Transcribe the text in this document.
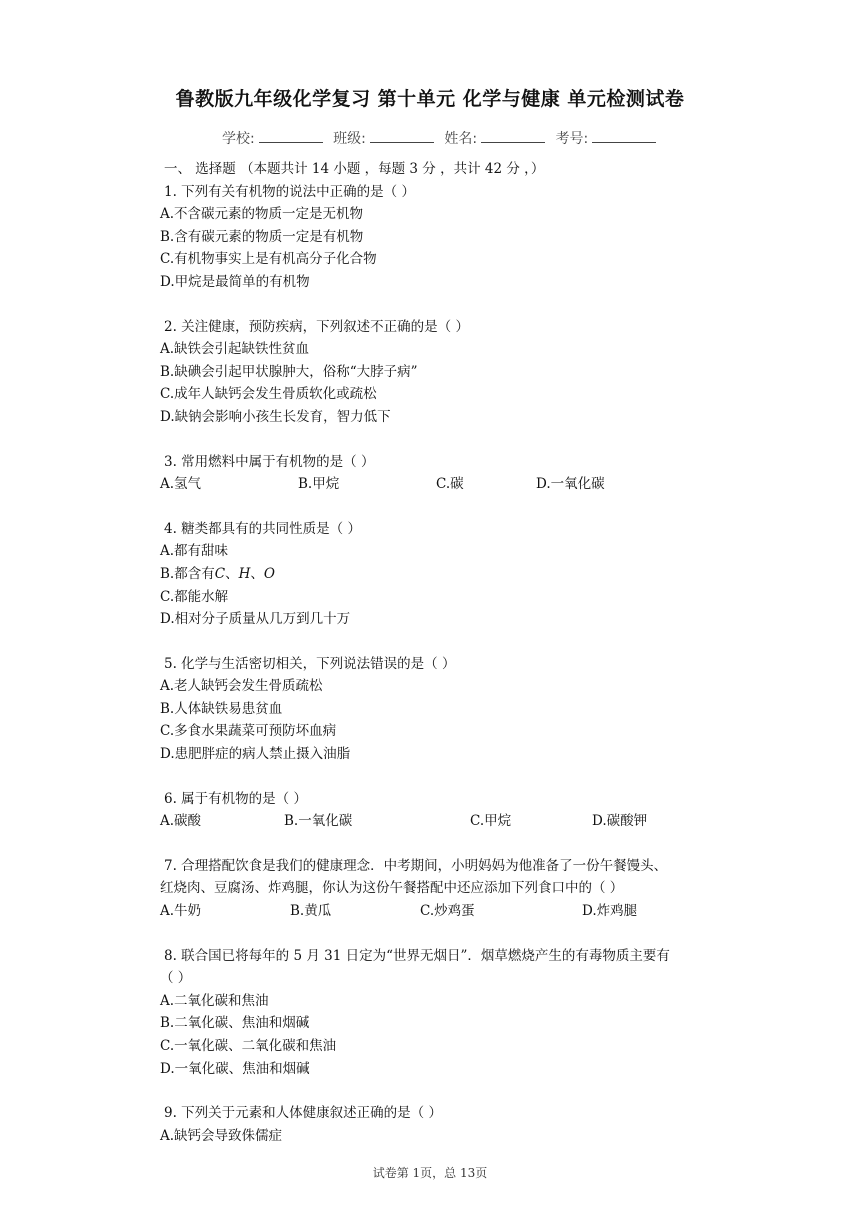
鲁教版九年级化学复习 第十单元 化学与健康 单元检测试卷
学校:	班级:	姓名:	考号:
一、 选择题 （本题共计 14 小题 ，每题 3 分 ，共计 42 分 ，）
1. 下列有关有机物的说法中正确的是（ ）
A.不含碳元素的物质一定是无机物
B.含有碳元素的物质一定是有机物
C.有机物事实上是有机高分子化合物
D.甲烷是最简单的有机物
2. 关注健康，预防疾病，下列叙述不正确的是（ ）
A.缺铁会引起缺铁性贫血
B.缺碘会引起甲状腺肿大，俗称“大脖子病”
C.成年人缺钙会发生骨质软化或疏松
D.缺钠会影响小孩生长发育，智力低下
3. 常用燃料中属于有机物的是（ ）
A.氢气	B.甲烷	C.碳	D.一氧化碳
4. 糖类都具有的共同性质是（ ）
A.都有甜味
B.都含有C、H、O
C.都能水解
D.相对分子质量从几万到几十万
5. 化学与生活密切相关，下列说法错误的是（ ）
A.老人缺钙会发生骨质疏松
B.人体缺铁易患贫血
C.多食水果蔬菜可预防坏血病
D.患肥胖症的病人禁止摄入油脂
6. 属于有机物的是（ ）
A.碳酸	B.一氧化碳	C.甲烷	D.碳酸钾
7. 合理搭配饮食是我们的健康理念．中考期间，小明妈妈为他准备了一份午餐馒头、
红烧肉、豆腐汤、炸鸡腿，你认为这份午餐搭配中还应添加下列食口中的（ ）
A.牛奶	B.黄瓜	C.炒鸡蛋	D.炸鸡腿
8. 联合国已将每年的 5 月 31 日定为“世界无烟日”．烟草燃烧产生的有毒物质主要有
（ ）
A.二氧化碳和焦油
B.二氧化碳、焦油和烟碱
C.一氧化碳、二氧化碳和焦油
D.一氧化碳、焦油和烟碱
9. 下列关于元素和人体健康叙述正确的是（ ）
A.缺钙会导致侏儒症
试卷第 1页，总 13页
